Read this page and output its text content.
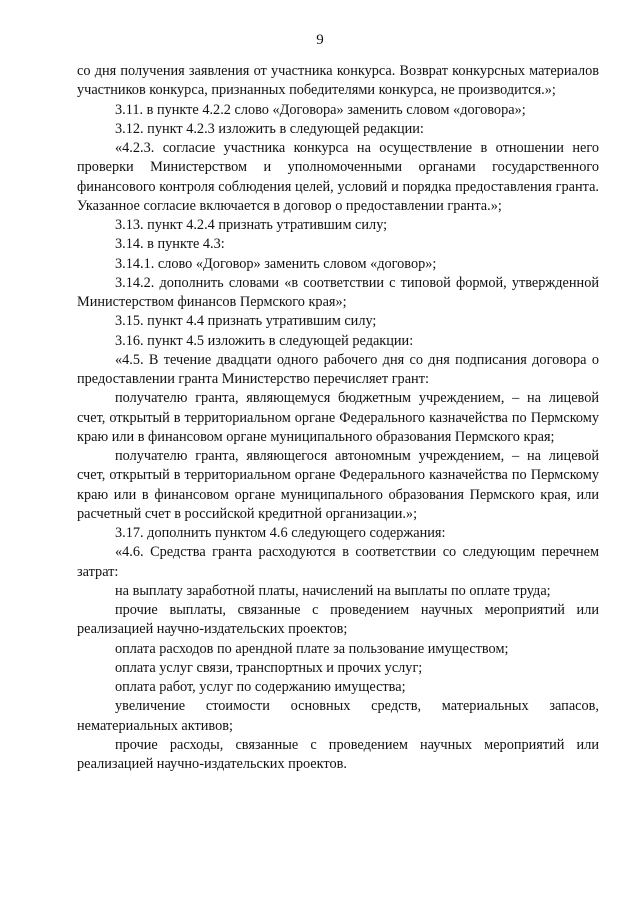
9

со дня получения заявления от участника конкурса. Возврат конкурсных материалов участников конкурса, признанных победителями конкурса, не производится.»;

3.11. в пункте 4.2.2 слово «Договора» заменить словом «договора»;

3.12. пункт 4.2.3 изложить в следующей редакции:

«4.2.3. согласие участника конкурса на осуществление в отношении него проверки Министерством и уполномоченными органами государственного финансового контроля соблюдения целей, условий и порядка предоставления гранта. Указанное согласие включается в договор о предоставлении гранта.»;

3.13. пункт 4.2.4 признать утратившим силу;

3.14. в пункте 4.3:

3.14.1. слово «Договор» заменить словом «договор»;

3.14.2. дополнить словами «в соответствии с типовой формой, утвержденной Министерством финансов Пермского края»;

3.15. пункт 4.4 признать утратившим силу;

3.16. пункт 4.5 изложить в следующей редакции:

«4.5. В течение двадцати одного рабочего дня со дня подписания договора о предоставлении гранта Министерство перечисляет грант:

получателю гранта, являющемуся бюджетным учреждением, – на лицевой счет, открытый в территориальном органе Федерального казначейства по Пермскому краю или в финансовом органе муниципального образования Пермского края;

получателю гранта, являющегося автономным учреждением, – на лицевой счет, открытый в территориальном органе Федерального казначейства по Пермскому краю или в финансовом органе муниципального образования Пермского края, или расчетный счет в российской кредитной организации.»;

3.17. дополнить пунктом 4.6 следующего содержания:

«4.6. Средства гранта расходуются в соответствии со следующим перечнем затрат:

на выплату заработной платы, начислений на выплаты по оплате труда;

прочие выплаты, связанные с проведением научных мероприятий или реализацией научно-издательских проектов;

оплата расходов по арендной плате за пользование имуществом;

оплата услуг связи, транспортных и прочих услуг;

оплата работ, услуг по содержанию имущества;

увеличение стоимости основных средств, материальных запасов, нематериальных активов;

прочие расходы, связанные с проведением научных мероприятий или реализацией научно-издательских проектов.
